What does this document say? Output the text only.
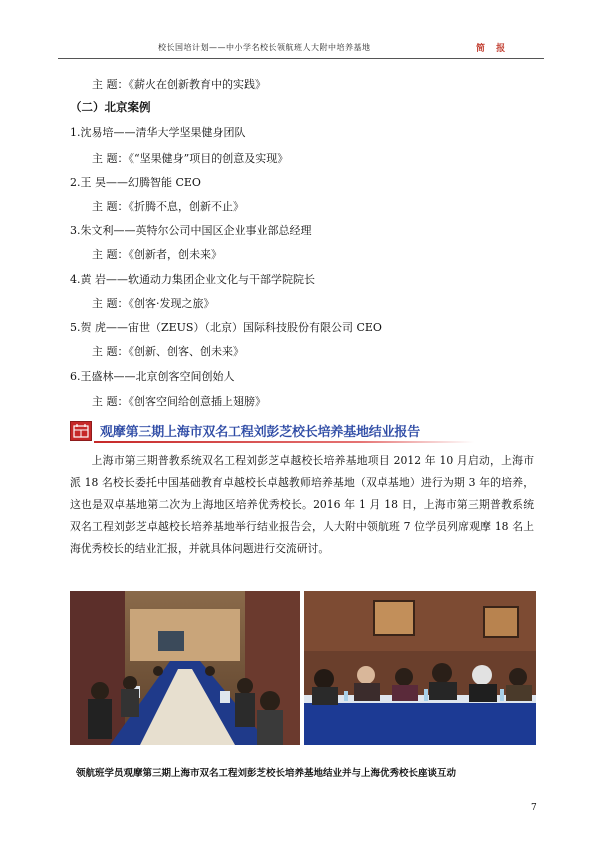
校长国培计划——中小学名校长领航班人大附中培养基地	简 报
主 题：《薪火在创新教育中的实践》
（二）北京案例
1.沈易培——清华大学坚果健身团队
主 题：《“坚果健身”项目的创意及实现》
2.王 昊——幻腾智能 CEO
主 题：《折腾不息，创新不止》
3.朱文利——英特尔公司中国区企业事业部总经理
主 题：《创新者，创未来》
4.黄 岩——软通动力集团企业文化与干部学院院长
主 题：《创客·发现之旅》
5.贺 虎——宙世（ZEUS）（北京）国际科技股份有限公司 CEO
主 题：《创新、创客、创未来》
6.王盛林——北京创客空间创始人
主 题：《创客空间给创意插上翅膀》
观摩第三期上海市双名工程刘彭芝校长培养基地结业报告
上海市第三期普教系统双名工程刘彭芝卓越校长培养基地项目 2012 年 10 月启动，上海市派 18 名校长委托中国基础教育卓越校长卓越教师培养基地（双卓基地）进行为期 3 年的培养，这也是双卓基地第二次为上海地区培养优秀校长。2016 年 1 月 18 日，上海市第三期普教系统双名工程刘彭芝卓越校长培养基地举行结业报告会，人大附中领航班 7 位学员列席观摩 18 名上海优秀校长的结业汇报，并就具体问题进行交流研讨。
领航班学员观摩第三期上海市双名工程刘彭芝校长培养基地结业并与上海优秀校长座谈互动
7
